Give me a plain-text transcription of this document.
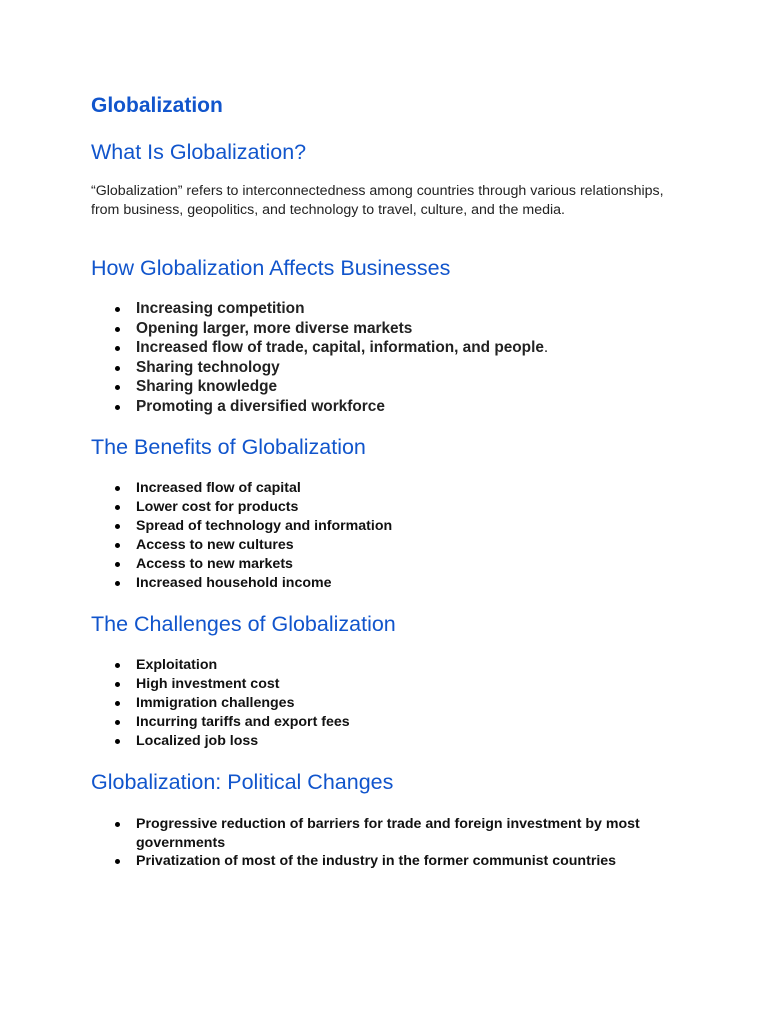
Globalization
What Is Globalization?

“Globalization” refers to interconnectedness among countries through various relationships, from business, geopolitics, and technology to travel, culture, and the media.

How Globalization Affects Businesses
Increasing competition
Opening larger, more diverse markets
Increased flow of trade, capital, information, and people.
Sharing technology
Sharing knowledge
Promoting a diversified workforce
The Benefits of Globalization
Increased flow of capital
Lower cost for products
Spread of technology and information
Access to new cultures
Access to new markets
Increased household income
The Challenges of Globalization
Exploitation
High investment cost
Immigration challenges
Incurring tariffs and export fees
Localized job loss
Globalization: Political Changes
Progressive reduction of barriers for trade and foreign investment by most governments
Privatization of most of the industry in the former communist countries
